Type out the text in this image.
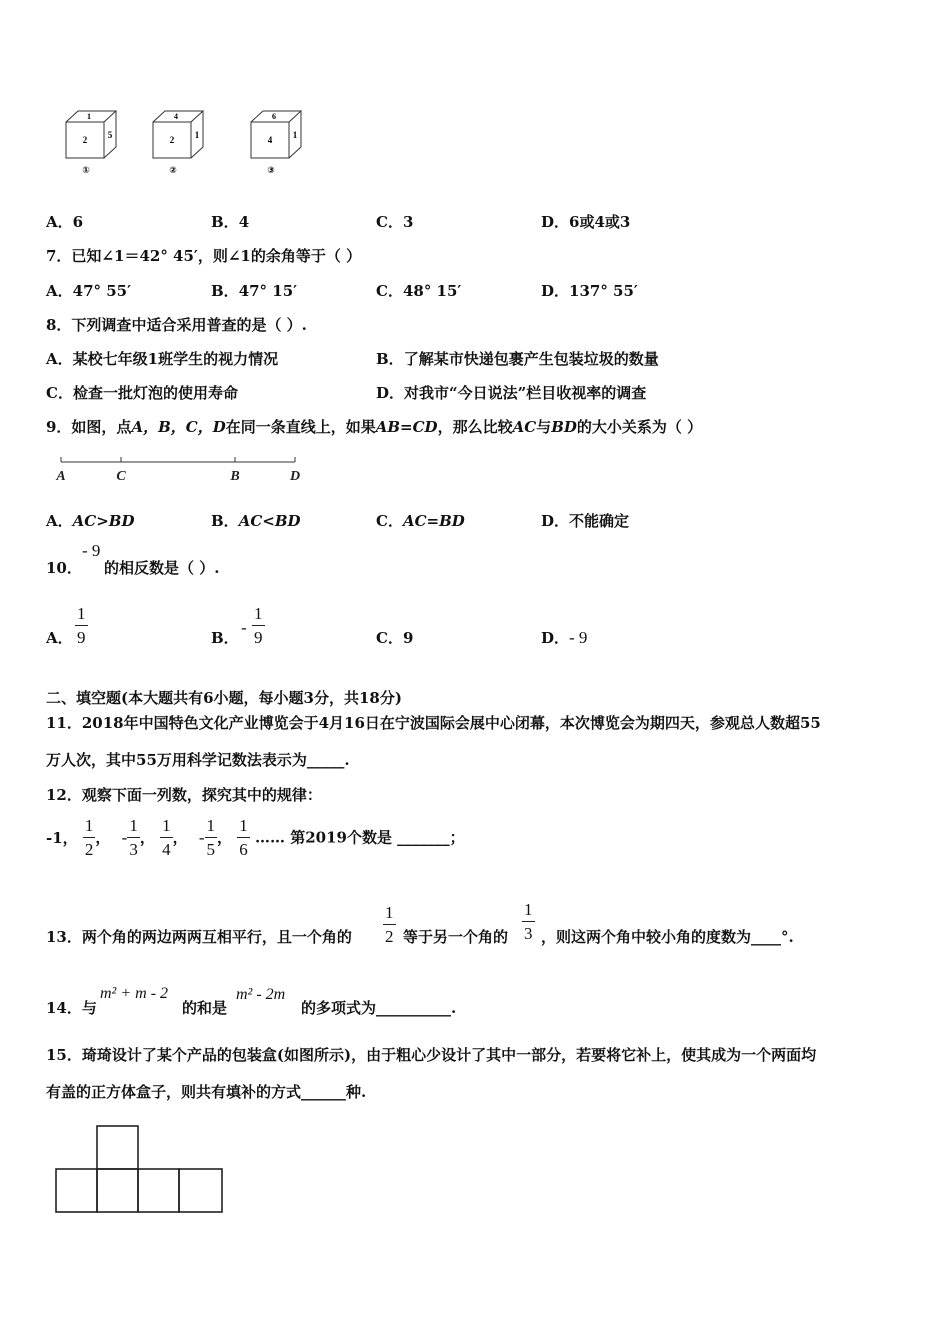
1
2 5
①
4
2 1
②
6
4 1
③
A．6	B．4	C．3	D．6或4或3
7．已知∠1＝42° 45′，则∠1的余角等于（ ）
A．47° 55′	B．47° 15′	C．48° 15′	D．137° 55′
8．下列调查中适合采用普查的是（ ）.
A．某校七年级1班学生的视力情况	B．了解某市快递包裹产生包装垃圾的数量
C．检查一批灯泡的使用寿命	D．对我市“今日说法”栏目收视率的调查
9．如图，点A，B，C，D在同一条直线上，如果AB=CD，那么比较AC与BD的大小关系为（ ）
A	C	B	D
A．AC>BD	B．AC<BD	C．AC=BD	D．不能确定
10．
- 9
的相反数是（ ）.
A． $\frac{1}{9}$	B．
- $\frac{1}{9}$	C．9	D．- 9
二、填空题(本大题共有6小题，每小题3分，共18分)
11．2018年中国特色文化产业博览会于4月16日在宁波国际会展中心闭幕，本次博览会为期四天，参观总人数超55
万人次，其中55万用科学记数法表示为_____.
12．观察下面一列数，探究其中的规律：
-1， $\frac{1}{2}$ ， - $\frac{1}{3}$ ， $\frac{1}{4}$ ， - $\frac{1}{5}$ ， $\frac{1}{6}$ …… 第2019个数是 _______；
13．两个角的两边两两互相平行，且一个角的 $\frac{1}{2}$ 等于另一个角的 $\frac{1}{3}$ ，则这两个角中较小角的度数为____°.
14．与
m² + m - 2
的和是
m² - 2m
的多项式为__________.
15．琦琦设计了某个产品的包装盒(如图所示)，由于粗心少设计了其中一部分，若要将它补上，使其成为一个两面均
有盖的正方体盒子，则共有填补的方式______种.
